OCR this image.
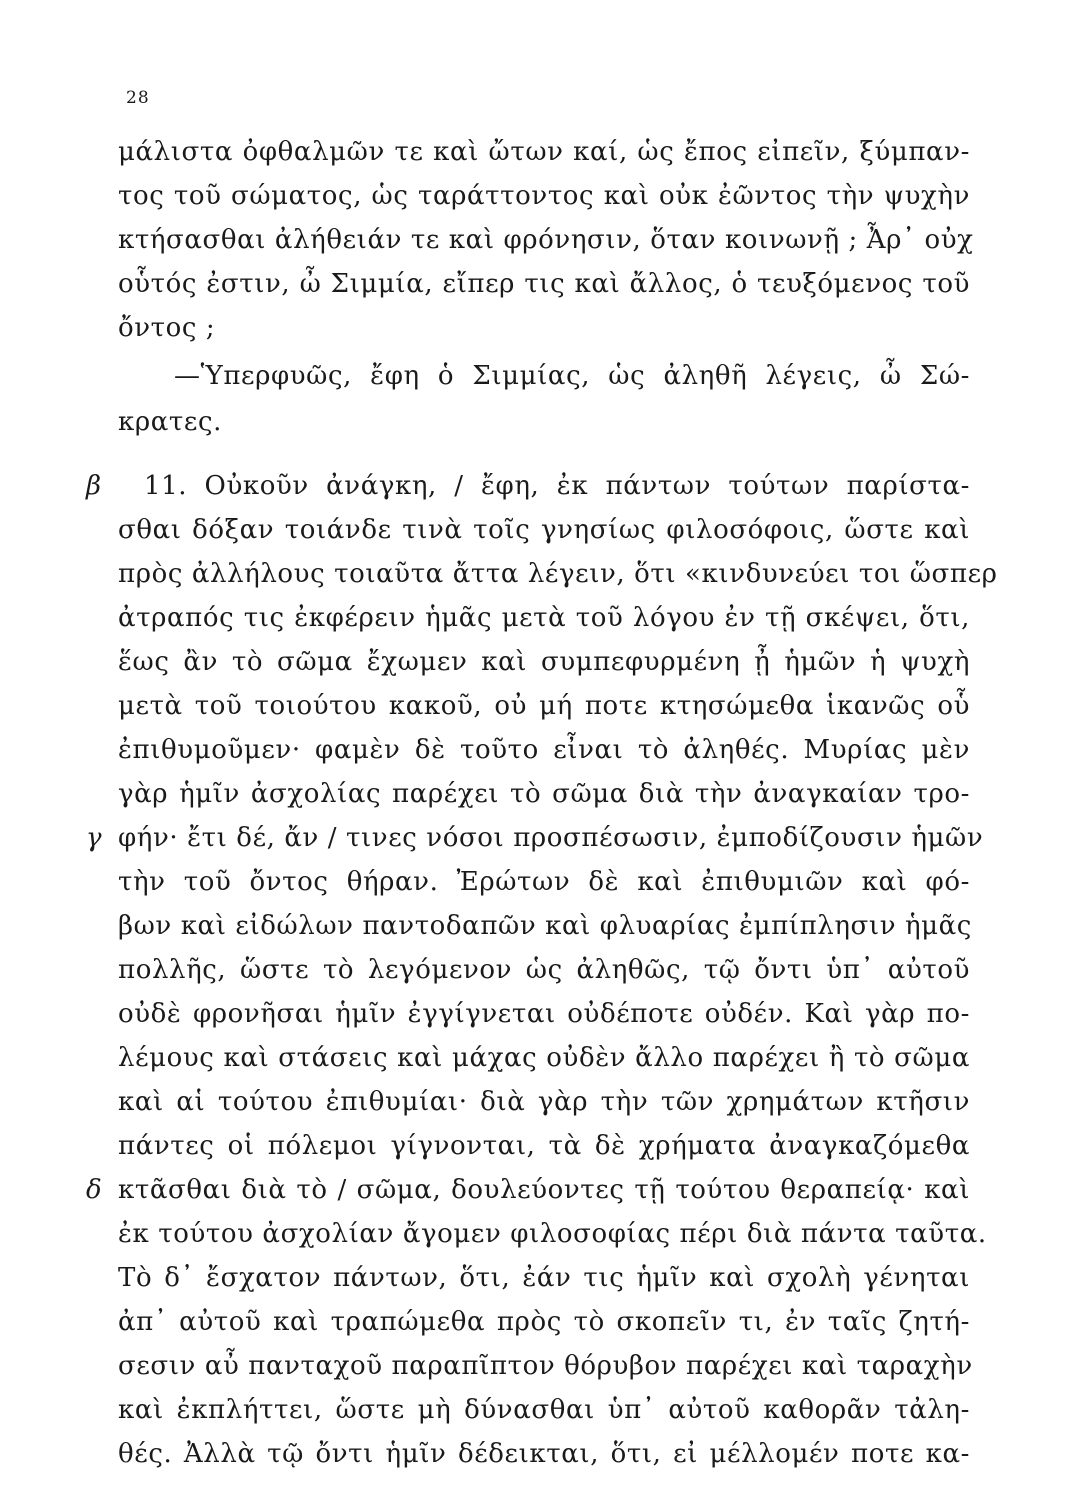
28
μάλιστα ὀφθαλμῶν τε καὶ ὤτων καί, ὡς ἔπος εἰπεῖν, ξύμπαν-
τος τοῦ σώματος, ὡς ταράττοντος καὶ οὐκ ἐῶντος τὴν ψυχὴν
κτήσασθαι ἀλήθειάν τε καὶ φρόνησιν, ὅταν κοινωνῇ ; Ἆρ᾽ οὐχ
οὗτός ἐστιν, ὦ Σιμμία, εἴπερ τις καὶ ἄλλος, ὁ τευξόμενος τοῦ
ὄντος ;
—Ὑπερφυῶς, ἔφη ὁ Σιμμίας, ὡς ἀληθῆ λέγεις, ὦ Σώ-
κρατες.
β 11. Οὐκοῦν ἀνάγκη, / ἔφη, ἐκ πάντων τούτων παρίστα-
σθαι δόξαν τοιάνδε τινὰ τοῖς γνησίως φιλοσόφοις, ὥστε καὶ
πρὸς ἀλλήλους τοιαῦτα ἄττα λέγειν, ὅτι «κινδυνεύει τοι ὥσπερ
ἀτραπός τις ἐκφέρειν ἡμᾶς μετὰ τοῦ λόγου ἐν τῇ σκέψει, ὅτι,
ἕως ἂν τὸ σῶμα ἔχωμεν καὶ συμπεφυρμένη ᾖ ἡμῶν ἡ ψυχὴ
μετὰ τοῦ τοιούτου κακοῦ, οὐ μή ποτε κτησώμεθα ἱκανῶς οὗ
ἐπιθυμοῦμεν· φαμὲν δὲ τοῦτο εἶναι τὸ ἀληθές. Μυρίας μὲν
γὰρ ἡμῖν ἀσχολίας παρέχει τὸ σῶμα διὰ τὴν ἀναγκαίαν τρο-
γ φήν· ἔτι δέ, ἄν / τινες νόσοι προσπέσωσιν, ἐμποδίζουσιν ἡμῶν
τὴν τοῦ ὄντος θήραν. Ἐρώτων δὲ καὶ ἐπιθυμιῶν καὶ φό-
βων καὶ εἰδώλων παντοδαπῶν καὶ φλυαρίας ἐμπίπλησιν ἡμᾶς
πολλῆς, ὥστε τὸ λεγόμενον ὡς ἀληθῶς, τῷ ὄντι ὑπ᾽ αὐτοῦ
οὐδὲ φρονῆσαι ἡμῖν ἐγγίγνεται οὐδέποτε οὐδέν. Καὶ γὰρ πο-
λέμους καὶ στάσεις καὶ μάχας οὐδὲν ἄλλο παρέχει ἢ τὸ σῶμα
καὶ αἱ τούτου ἐπιθυμίαι· διὰ γὰρ τὴν τῶν χρημάτων κτῆσιν
πάντες οἱ πόλεμοι γίγνονται, τὰ δὲ χρήματα ἀναγκαζόμεθα
δ κτᾶσθαι διὰ τὸ / σῶμα, δουλεύοντες τῇ τούτου θεραπείᾳ· καὶ
ἐκ τούτου ἀσχολίαν ἄγομεν φιλοσοφίας πέρι διὰ πάντα ταῦτα.
Τὸ δ᾽ ἔσχατον πάντων, ὅτι, ἐάν τις ἡμῖν καὶ σχολὴ γένηται
ἀπ᾽ αὐτοῦ καὶ τραπώμεθα πρὸς τὸ σκοπεῖν τι, ἐν ταῖς ζητή-
σεσιν αὖ πανταχοῦ παραπῖπτον θόρυβον παρέχει καὶ ταραχὴν
καὶ ἐκπλήττει, ὥστε μὴ δύνασθαι ὑπ᾽ αὐτοῦ καθορᾶν τἀλη-
θές. Ἀλλὰ τῷ ὄντι ἡμῖν δέδεικται, ὅτι, εἰ μέλλομέν ποτε κα-
